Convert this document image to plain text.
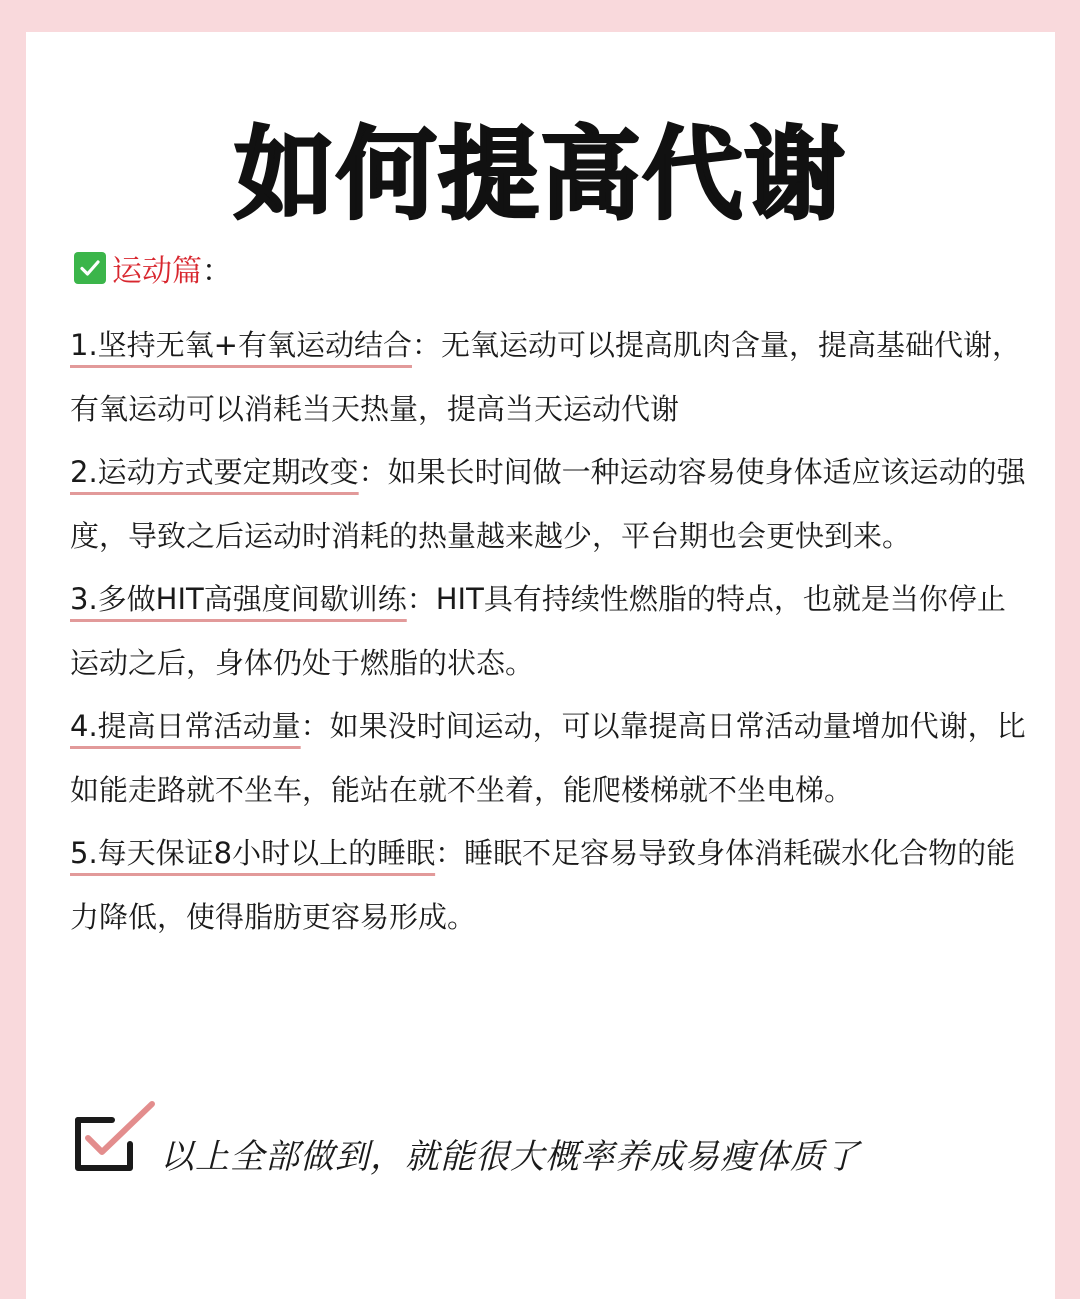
如何提高代谢
运动篇 ：

1.坚持无氧+有氧运动结合：无氧运动可以提高肌肉含量，提高基础代谢，有氧运动可以消耗当天热量，提高当天运动代谢

2.运动方式要定期改变：如果长时间做一种运动容易使身体适应该运动的强度，导致之后运动时消耗的热量越来越少，平台期也会更快到来。

3.多做HIT高强度间歇训练：HIT具有持续性燃脂的特点，也就是当你停止运动之后，身体仍处于燃脂的状态。

4.提高日常活动量：如果没时间运动，可以靠提高日常活动量增加代谢，比如能走路就不坐车，能站在就不坐着，能爬楼梯就不坐电梯。

5.每天保证8小时以上的睡眠：睡眠不足容易导致身体消耗碳水化合物的能力降低，使得脂肪更容易形成。

以上全部做到，就能很大概率养成易瘦体质了
